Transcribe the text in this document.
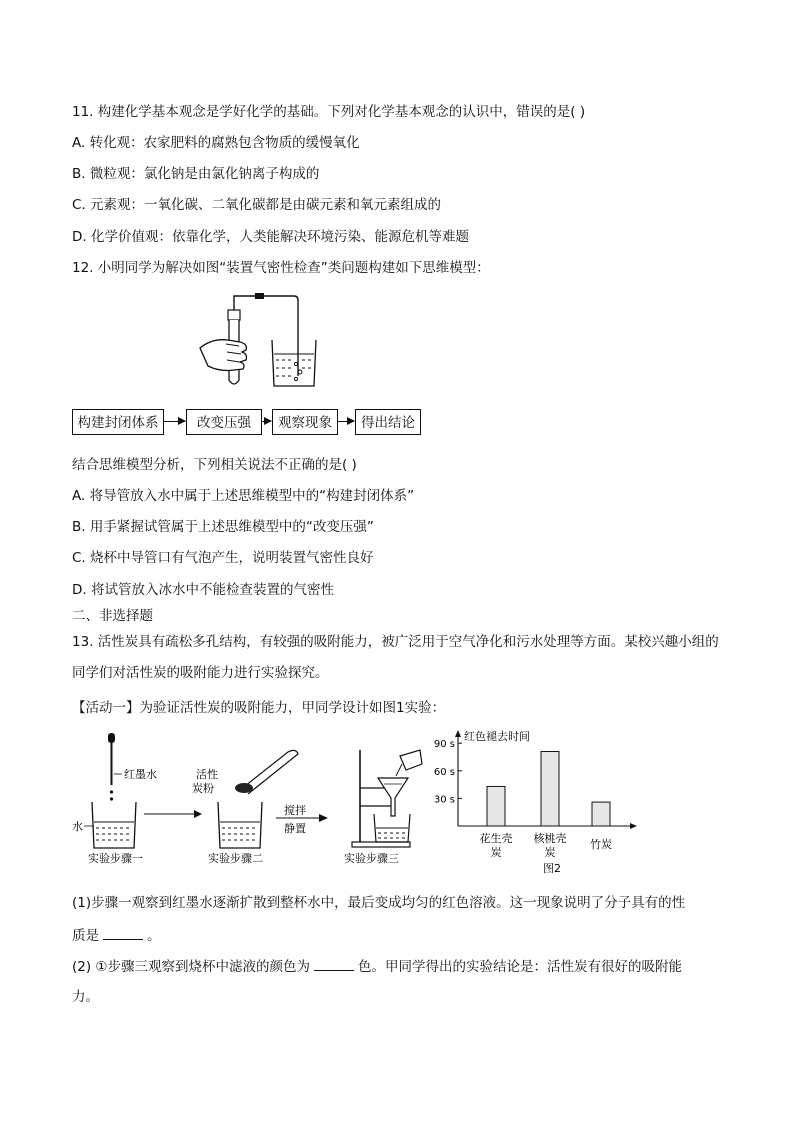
11. 构建化学基本观念是学好化学的基础。下列对化学基本观念的认识中，错误的是( )
A. 转化观：农家肥料的腐熟包含物质的缓慢氧化
B. 微粒观：氯化钠是由氯化钠离子构成的
C. 元素观：一氧化碳、二氧化碳都是由碳元素和氧元素组成的
D. 化学价值观：依靠化学，人类能解决环境污染、能源危机等难题
12. 小明同学为解决如图“装置气密性检查”类问题构建如下思维模型：
构建封闭体系	改变压强	观察现象	得出结论
结合思维模型分析，下列相关说法不正确的是( )
A. 将导管放入水中属于上述思维模型中的“构建封闭体系”
B. 用手紧握试管属于上述思维模型中的“改变压强”
C. 烧杯中导管口有气泡产生，说明装置气密性良好
D. 将试管放入冰水中不能检查装置的气密性
二、非选择题
13. 活性炭具有疏松多孔结构，有较强的吸附能力，被广泛用于空气净化和污水处理等方面。某校兴趣小组的同学们对活性炭的吸附能力进行实验探究。
【活动一】为验证活性炭的吸附能力，甲同学设计如图1实验：
红墨水
水
实验步骤一
活性
炭粉
实验步骤二
搅拌
静置
实验步骤三
红色褪去时间
30 s
60 s
90 s
花生壳
炭
核桃壳
炭
竹炭
图2
(1)步骤一观察到红墨水逐渐扩散到整杯水中，最后变成均匀的红色溶液。这一现象说明了分子具有的性
质是	。
(2) ①步骤三观察到烧杯中滤液的颜色为	色。甲同学得出的实验结论是：活性炭有很好的吸附能
力。
